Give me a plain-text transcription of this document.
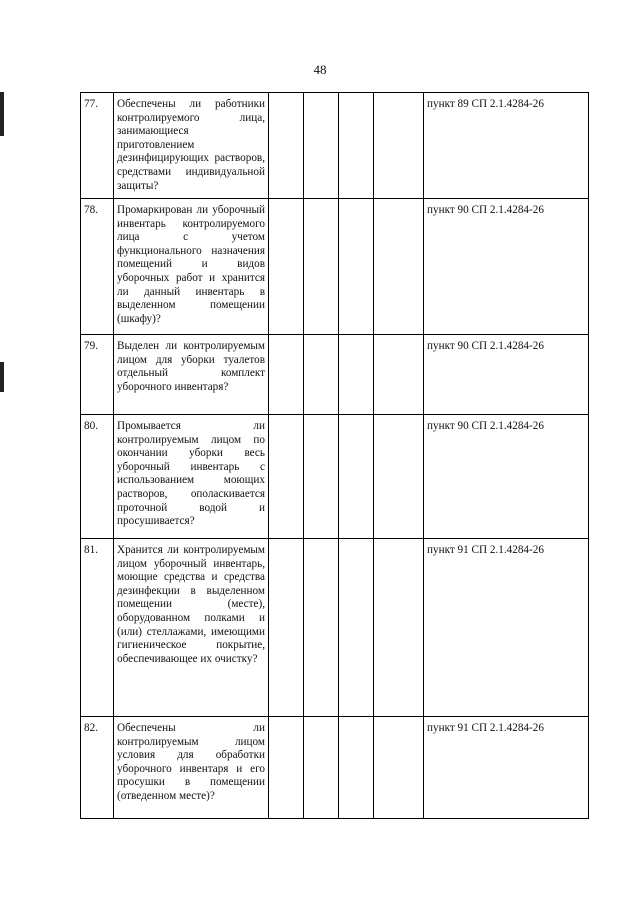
48
77.	Обеспечены ли работники контролируемого лица, занимающиеся приготовлением дезинфицирующих растворов, средствами индивидуальной защиты?					пункт 89 СП 2.1.4284-26
78.	Промаркирован ли уборочный инвентарь контролируемого лица с учетом функционального назначения помещений и видов уборочных работ и хранится ли данный инвентарь в выделенном помещении (шкафу)?					пункт 90 СП 2.1.4284-26
79.	Выделен ли контролируемым лицом для уборки туалетов отдельный комплект уборочного инвентаря?					пункт 90 СП 2.1.4284-26
80.	Промывается ли контролируемым лицом по окончании уборки весь уборочный инвентарь с использованием моющих растворов, ополаскивается проточной водой и просушивается?					пункт 90 СП 2.1.4284-26
81.	Хранится ли контролируемым лицом уборочный инвентарь, моющие средства и средства дезинфекции в выделенном помещении (месте), оборудованном полками и (или) стеллажами, имеющими гигиеническое покрытие, обеспечивающее их очистку?					пункт 91 СП 2.1.4284-26
82.	Обеспечены ли контролируемым лицом условия для обработки уборочного инвентаря и его просушки в помещении (отведенном месте)?					пункт 91 СП 2.1.4284-26
